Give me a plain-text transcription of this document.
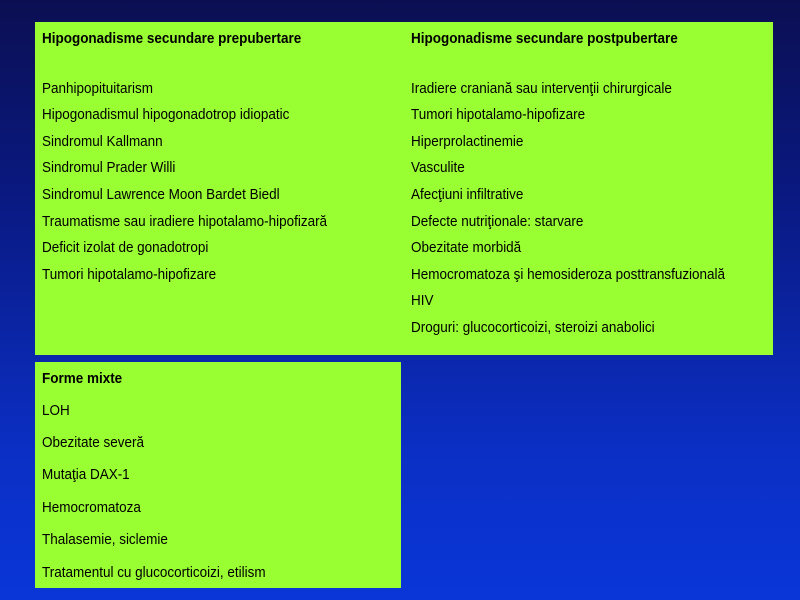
Hipogonadisme secundare prepubertare
Panhipopituitarism
Hipogonadismul hipogonadotrop idiopatic
Sindromul Kallmann
Sindromul Prader Willi
Sindromul Lawrence Moon Bardet Biedl
Traumatisme sau iradiere hipotalamo-hipofizară
Deficit izolat de gonadotropi
Tumori hipotalamo-hipofizare
Hipogonadisme secundare postpubertare
Iradiere craniană sau intervenţii chirurgicale
Tumori hipotalamo-hipofizare
Hiperprolactinemie
Vasculite
Afecţiuni infiltrative
Defecte nutriţionale: starvare
Obezitate morbidă
Hemocromatoza şi hemosideroza posttransfuzională
HIV
Droguri: glucocorticoizi, steroizi anabolici
Forme mixte
LOH
Obezitate severă
Mutaţia DAX-1
Hemocromatoza
Thalasemie, siclemie
Tratamentul cu glucocorticoizi, etilism
